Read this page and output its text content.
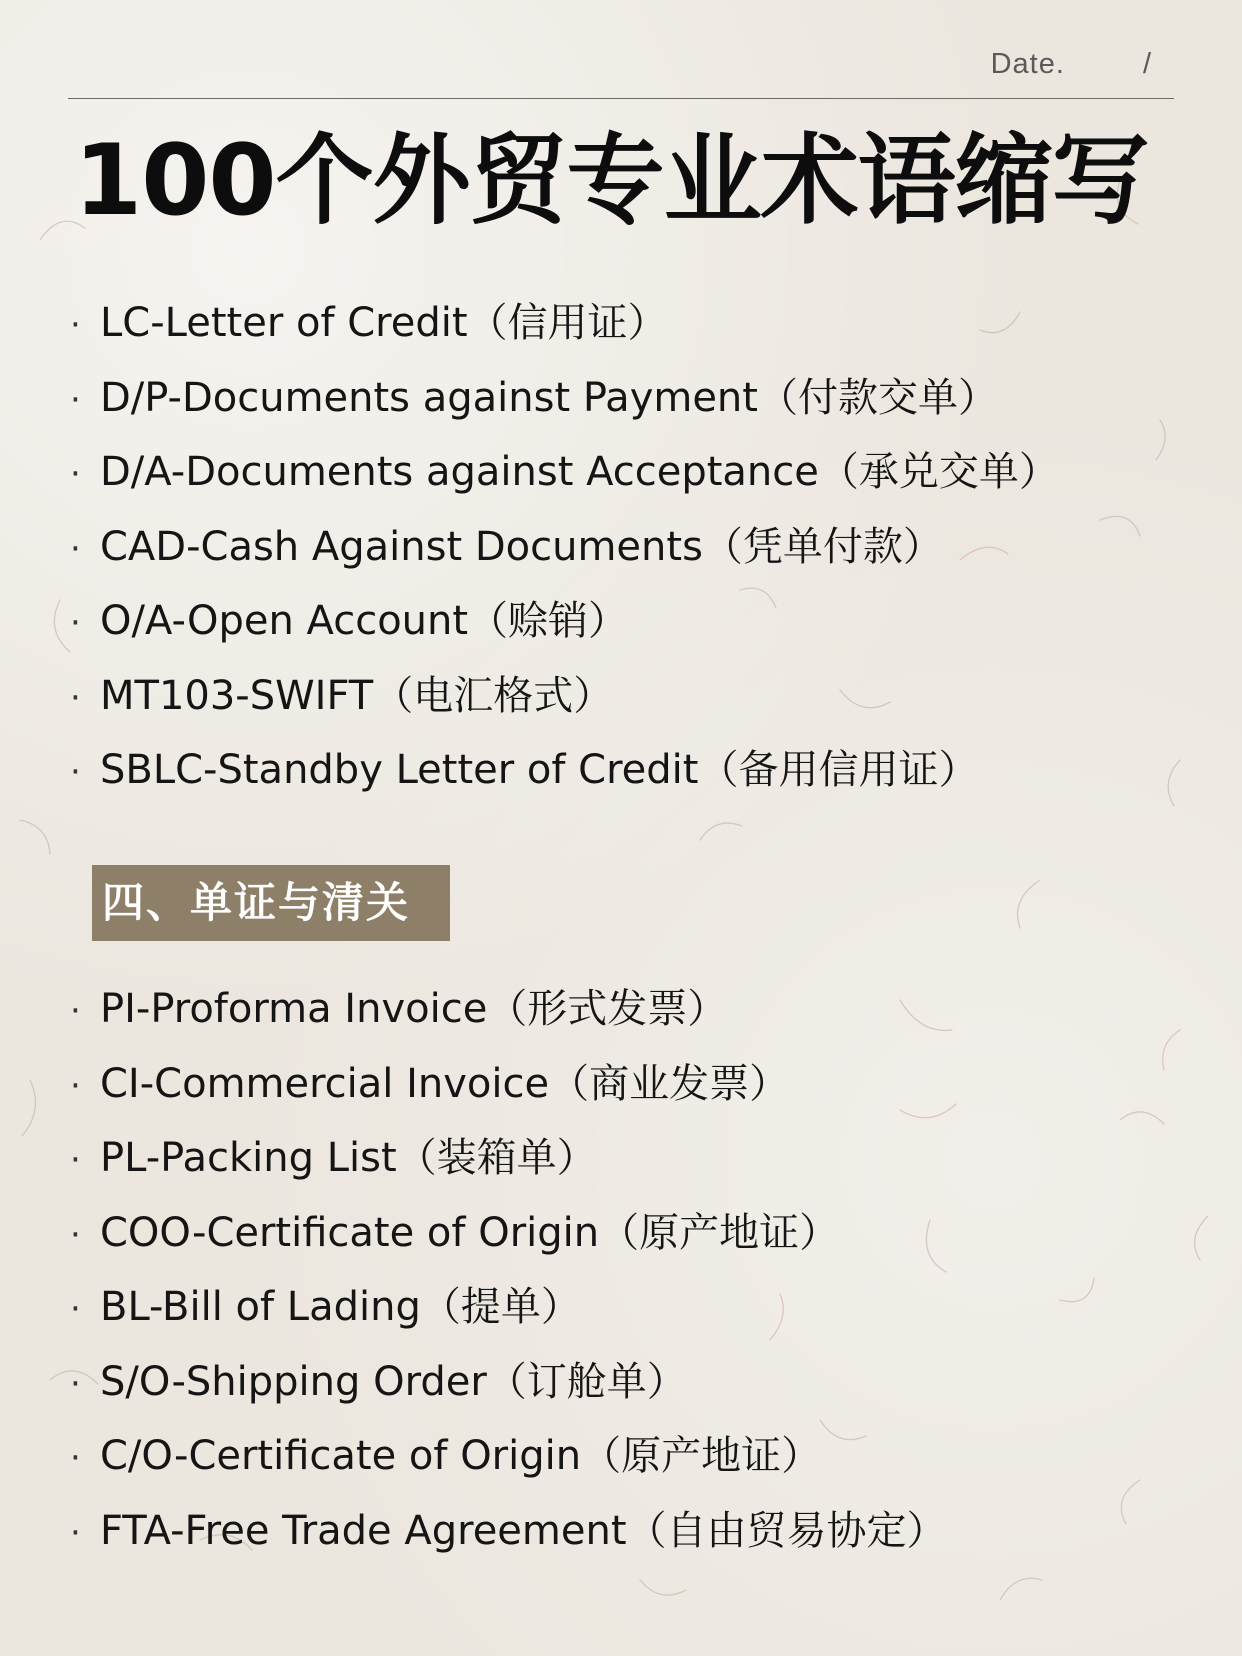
Date.	/
100个外贸专业术语缩写
· LC-Letter of Credit（信用证）
· D/P-Documents against Payment（付款交单）
· D/A-Documents against Acceptance（承兑交单）
· CAD-Cash Against Documents（凭单付款）
· O/A-Open Account（赊销）
· MT103-SWIFT（电汇格式）
· SBLC-Standby Letter of Credit（备用信用证）
四、单证与清关
· PI-Proforma Invoice（形式发票）
· CI-Commercial Invoice（商业发票）
· PL-Packing List（装箱单）
· COO-Certificate of Origin（原产地证）
· BL-Bill of Lading（提单）
· S/O-Shipping Order（订舱单）
· C/O-Certificate of Origin（原产地证）
· FTA-Free Trade Agreement（自由贸易协定）
